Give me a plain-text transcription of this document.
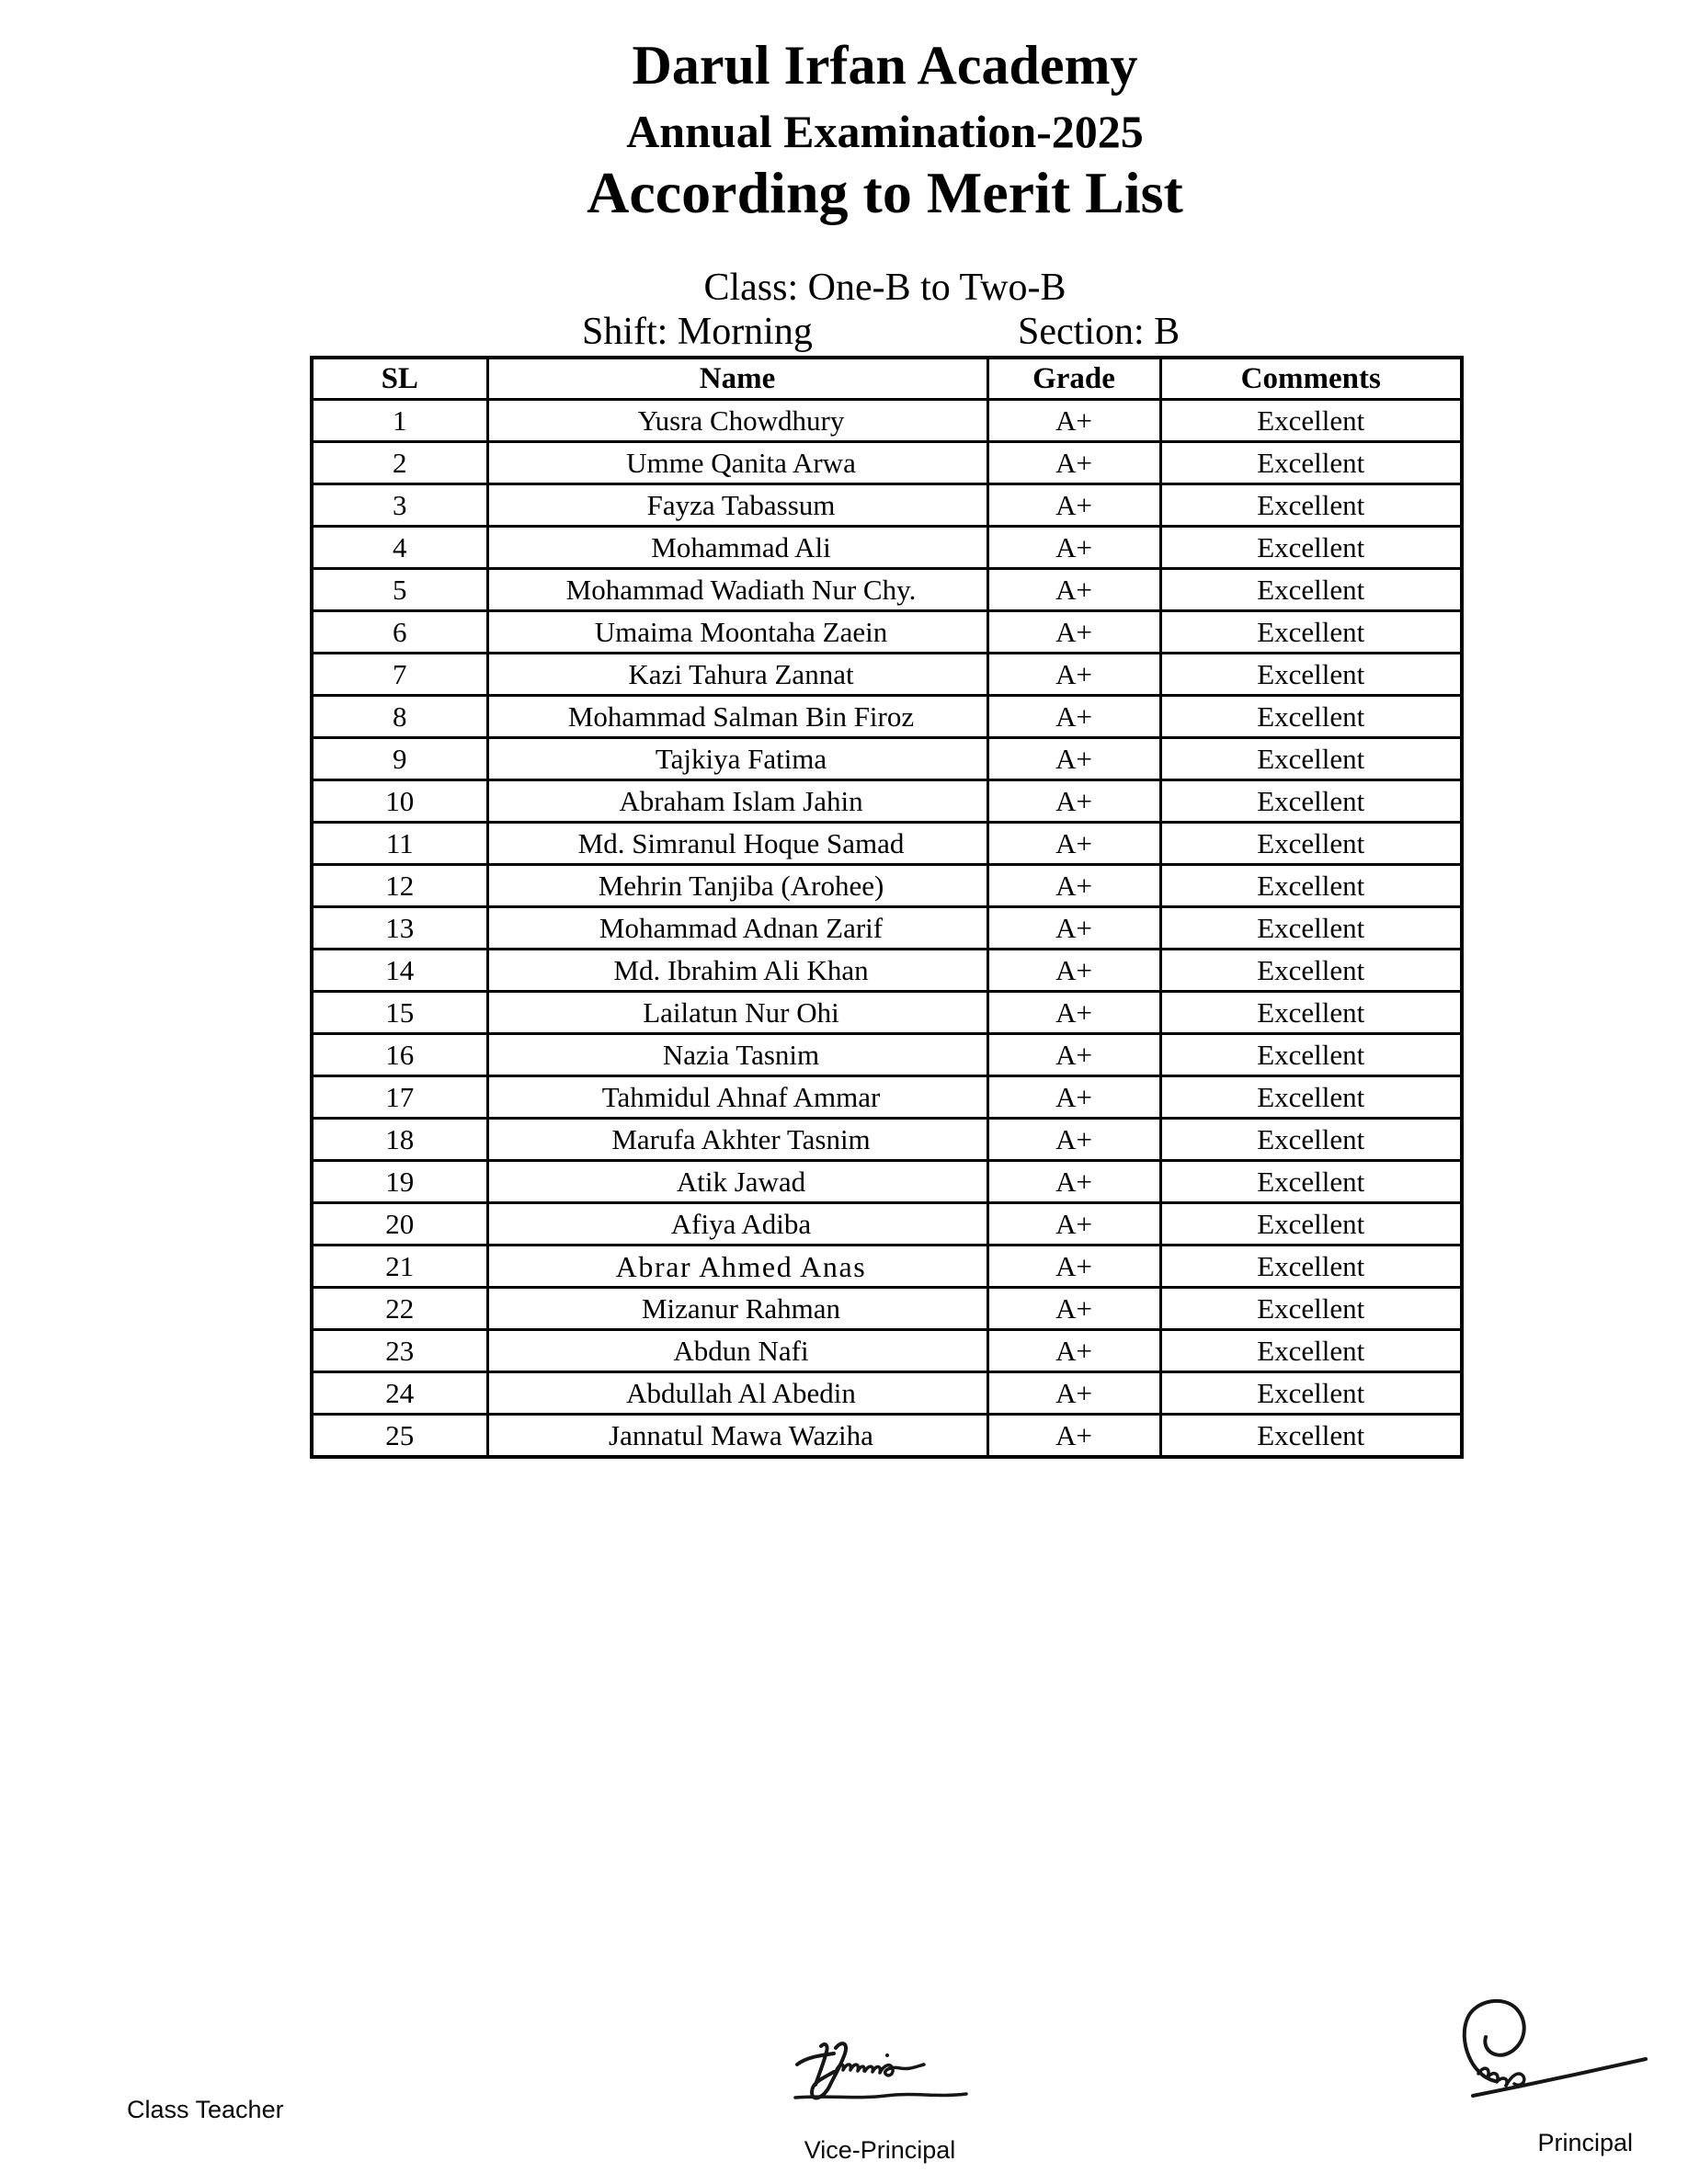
Darul Irfan Academy
Annual Examination-2025
According to Merit List
Class: One-B to Two-B
Shift: Morning	Section: B
SL	Name	Grade	Comments
1	Yusra Chowdhury	A+	Excellent
2	Umme Qanita Arwa	A+	Excellent
3	Fayza Tabassum	A+	Excellent
4	Mohammad Ali	A+	Excellent
5	Mohammad Wadiath Nur Chy.	A+	Excellent
6	Umaima Moontaha Zaein	A+	Excellent
7	Kazi Tahura Zannat	A+	Excellent
8	Mohammad Salman Bin Firoz	A+	Excellent
9	Tajkiya Fatima	A+	Excellent
10	Abraham Islam Jahin	A+	Excellent
11	Md. Simranul Hoque Samad	A+	Excellent
12	Mehrin Tanjiba (Arohee)	A+	Excellent
13	Mohammad Adnan Zarif	A+	Excellent
14	Md. Ibrahim Ali Khan	A+	Excellent
15	Lailatun Nur Ohi	A+	Excellent
16	Nazia Tasnim	A+	Excellent
17	Tahmidul Ahnaf Ammar	A+	Excellent
18	Marufa Akhter Tasnim	A+	Excellent
19	Atik Jawad	A+	Excellent
20	Afiya Adiba	A+	Excellent
21	Abrar Ahmed Anas	A+	Excellent
22	Mizanur Rahman	A+	Excellent
23	Abdun Nafi	A+	Excellent
24	Abdullah Al Abedin	A+	Excellent
25	Jannatul Mawa Waziha	A+	Excellent
Class Teacher
Vice-Principal	Principal
